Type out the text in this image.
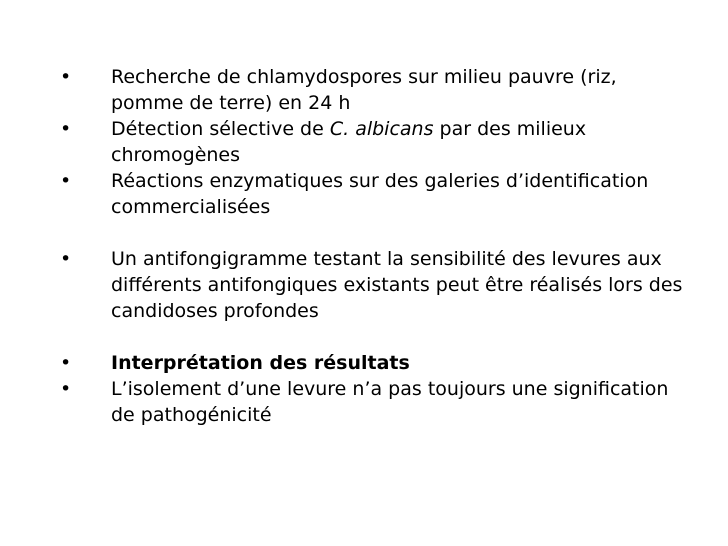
•	Recherche de chlamydospores sur milieu pauvre (riz, pomme de terre) en 24 h
•	Détection sélective de C. albicans par des milieux chromogènes
•	Réactions enzymatiques sur des galeries d’identification commercialisées
•	Un antifongigramme testant la sensibilité des levures aux différents antifongiques existants peut être réalisés lors des candidoses profondes
•	Interprétation des résultats
•	L’isolement d’une levure n’a pas toujours une signification de pathogénicité
